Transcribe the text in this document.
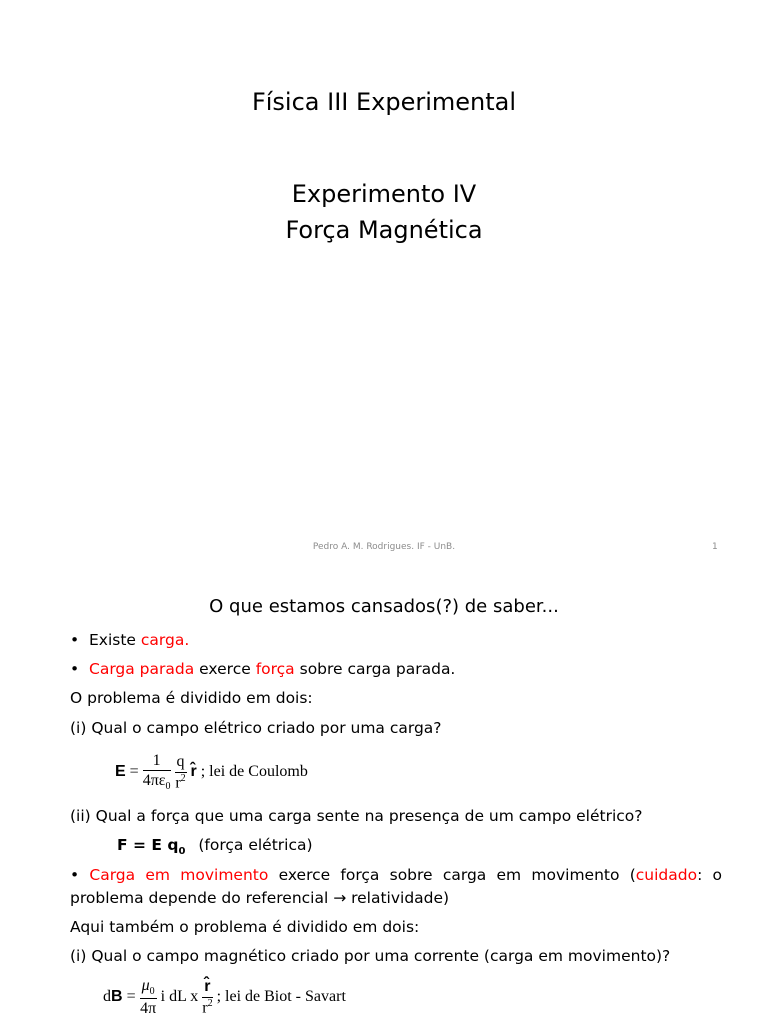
Física III Experimental
Experimento IV
Força Magnética
Pedro A. M. Rodrigues. IF - UnB.	1
O que estamos cansados(?) de saber...
•  Existe carga.
•  Carga parada exerce força sobre carga parada.
O problema é dividido em dois:
(i) Qual o campo elétrico criado por uma carga?
$E = \frac{1}{4\pi\varepsilon_0}$
$\frac{q}{r^2}$ r̂ ; lei de Coulomb
(ii) Qual a força que uma carga sente na presença de um campo elétrico?
F = E $q_0$ (força elétrica)
• Carga em movimento exerce força sobre carga em movimento (cuidado: o
problema depende do referencial → relatividade)
Aqui também o problema é dividido em dois:
(i) Qual o campo magnético criado por uma corrente (carga em movimento)?
dB = $\frac{\mu_0}{4\pi}$ i dL x $\frac{r̂}{r^2}$ ; lei de Biot - Savart
